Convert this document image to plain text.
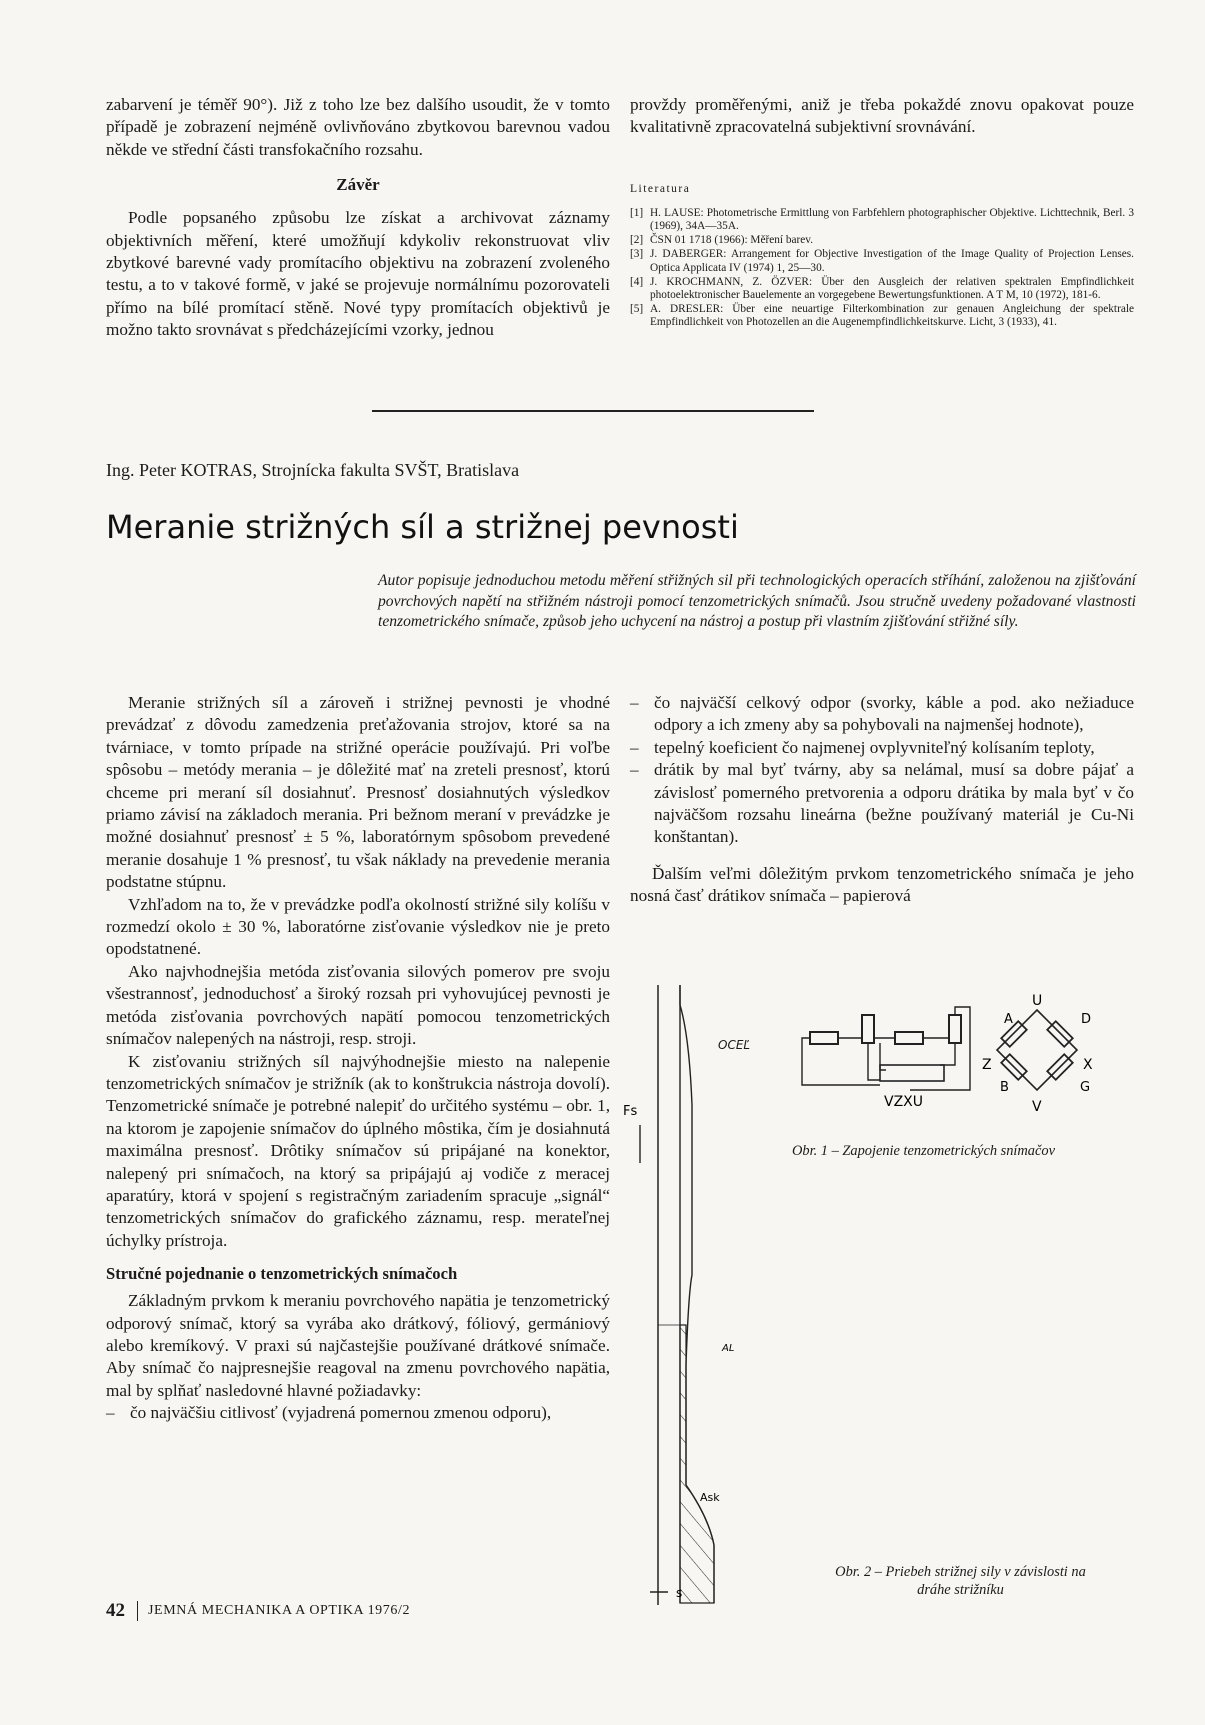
zabarvení je téměř 90°). Již z toho lze bez dalšího usoudit, že v tomto případě je zobrazení nejméně ovlivňováno zbytkovou barevnou vadou někde ve střední části transfokačního rozsahu.

Závěr

Podle popsaného způsobu lze získat a archivovat záznamy objektivních měření, které umožňují kdykoliv rekonstruovat vliv zbytkové barevné vady promítacího objektivu na zobrazení zvoleného testu, a to v takové formě, v jaké se projevuje normálnímu pozorovateli přímo na bílé promítací stěně. Nové typy promítacích objektivů je možno takto srovnávat s předcházejícími vzorky, jednou

provždy proměřenými, aniž je třeba pokaždé znovu opakovat pouze kvalitativně zpracovatelná subjektivní srovnávání.

Literatura
[1] H. LAUSE: Photometrische Ermittlung von Farbfehlern photographischer Objektive. Lichttechnik, Berl. 3 (1969), 34A—35A.
[2] ČSN 01 1718 (1966): Měření barev.
[3] J. DABERGER: Arrangement for Objective Investigation of the Image Quality of Projection Lenses. Optica Applicata IV (1974) 1, 25—30.
[4] J. KROCHMANN, Z. ÖZVER: Über den Ausgleich der relativen spektralen Empfindlichkeit photoelektronischer Bauelemente an vorgegebene Bewertungsfunktionen. A T M, 10 (1972), 181-6.
[5] A. DRESLER: Über eine neuartige Filterkombination zur genauen Angleichung der spektrale Empfindlichkeit von Photozellen an die Augenempfindlichkeitskurve. Licht, 3 (1933), 41.
Ing. Peter KOTRAS, Strojnícka fakulta SVŠT, Bratislava
Meranie strižných síl a strižnej pevnosti
Autor popisuje jednoduchou metodu měření střižných sil při technologických operacích stříhání, založenou na zjišťování povrchových napětí na střižném nástroji pomocí tenzometrických snímačů. Jsou stručně uvedeny požadované vlastnosti tenzometrického snímače, způsob jeho uchycení na nástroj a postup při vlastním zjišťování střižné síly.

Meranie strižných síl a zároveň i strižnej pevnosti je vhodné prevádzať z dôvodu zamedzenia preťažovania strojov, ktoré sa na tvárniace, v tomto prípade na strižné operácie používajú. Pri voľbe spôsobu – metódy merania – je dôležité mať na zreteli presnosť, ktorú chceme pri meraní síl dosiahnuť. Presnosť dosiahnutých výsledkov priamo závisí na základoch merania. Pri bežnom meraní v prevádzke je možné dosiahnuť presnosť ± 5 %, laboratórnym spôsobom prevedené meranie dosahuje 1 % presnosť, tu však náklady na prevedenie merania podstatne stúpnu.

Vzhľadom na to, že v prevádzke podľa okolností strižné sily kolíšu v rozmedzí okolo ± 30 %, laboratórne zisťovanie výsledkov nie je preto opodstatnené.

Ako najvhodnejšia metóda zisťovania silových pomerov pre svoju všestrannosť, jednoduchosť a široký rozsah pri vyhovujúcej pevnosti je metóda zisťovania povrchových napätí pomocou tenzometrických snímačov nalepených na nástroji, resp. stroji.

K zisťovaniu strižných síl najvýhodnejšie miesto na nalepenie tenzometrických snímačov je strižník (ak to konštrukcia nástroja dovolí). Tenzometrické snímače je potrebné nalepiť do určitého systému – obr. 1, na ktorom je zapojenie snímačov do úplného môstika, čím je dosiahnutá maximálna presnosť. Drôtiky snímačov sú pripájané na konektor, nalepený pri snímačoch, na ktorý sa pripájajú aj vodiče z meracej aparatúry, ktorá v spojení s registračným zariadením spracuje „signál“ tenzometrických snímačov do grafického záznamu, resp. merateľnej úchylky prístroja.

Stručné pojednanie o tenzometrických snímačoch

Základným prvkom k meraniu povrchového napätia je tenzometrický odporový snímač, ktorý sa vyrába ako drátkový, fóliový, germániový alebo kremíkový. V praxi sú najčastejšie používané drátkové snímače. Aby snímač čo najpresnejšie reagoval na zmenu povrchového napätia, mal by splňať nasledovné hlavné požiadavky:

– čo najväčšiu citlivosť (vyjadrená pomernou zmenou odporu),
– čo najväčší celkový odpor (svorky, káble a pod. ako nežiaduce odpory a ich zmeny aby sa pohybovali na najmenšej hodnote),
– tepelný koeficient čo najmenej ovplyvniteľný kolísaním teploty,
– drátik by mal byť tvárny, aby sa nelámal, musí sa dobre pájať a závislosť pomerného pretvorenia a odporu drátika by mala byť v čo najväčšom rozsahu lineárna (bežne používaný materiál je Cu-Ni konštantan).

Ďalším veľmi dôležitým prvkom tenzometrického snímača je jeho nosná časť drátikov snímača – papierová

Fs
AL
Ask
s
OCEĽ
VZXU
U
V
Z	X
A	D
B	G
Obr. 1 – Zapojenie tenzometrických snímačov
Obr. 2 – Priebeh strižnej sily v závislosti na
dráhe strižníku
42 JEMNÁ MECHANIKA A OPTIKA 1976/2
